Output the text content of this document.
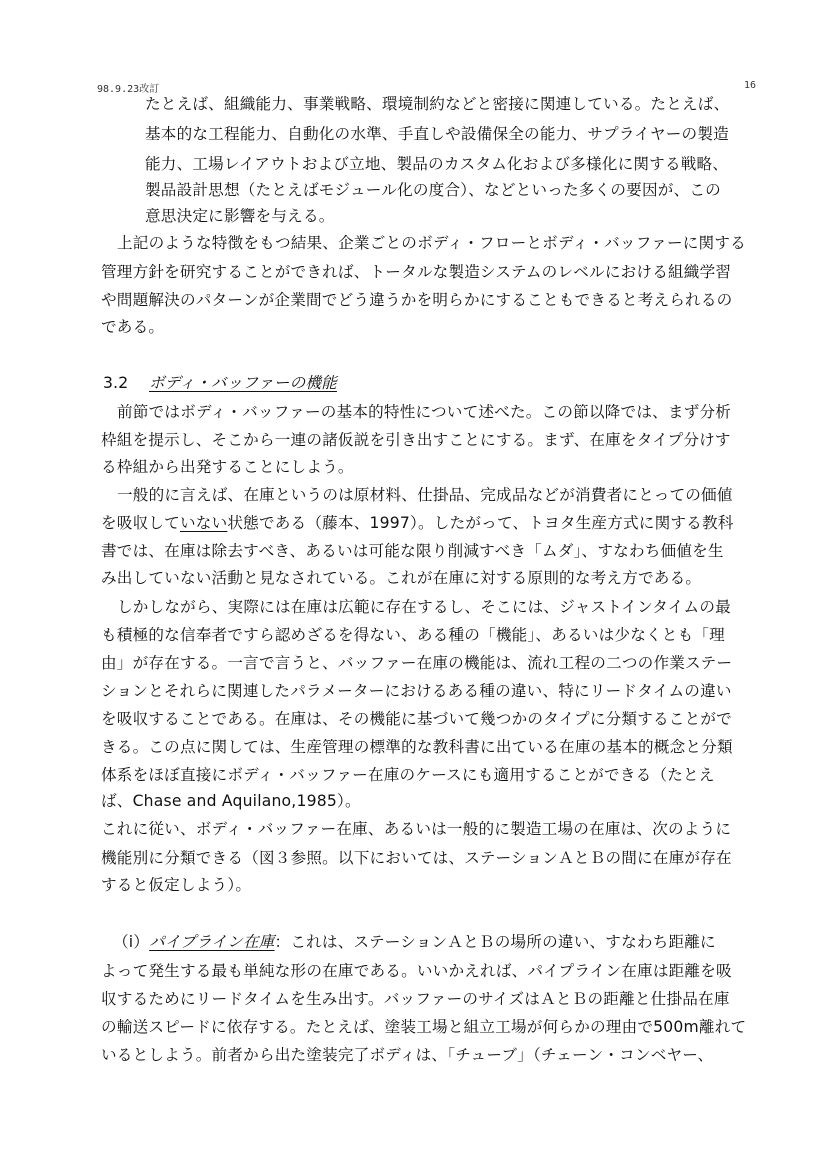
98.9.23改訂	16
たとえば、組織能力、事業戦略、環境制約などと密接に関連している。たとえば、
基本的な工程能力、自動化の水準、手直しや設備保全の能力、サプライヤーの製造
能力、工場レイアウトおよび立地、製品のカスタム化および多様化に関する戦略、
製品設計思想（たとえばモジュール化の度合）、などといった多くの要因が、この
意思決定に影響を与える。
上記のような特徴をもつ結果、企業ごとのボディ・フローとボディ・バッファーに関する
管理方針を研究することができれば、トータルな製造システムのレベルにおける組織学習
や問題解決のパターンが企業間でどう違うかを明らかにすることもできると考えられるの
である。
3.2 ボディ・バッファーの機能
前節ではボディ・バッファーの基本的特性について述べた。この節以降では、まず分析
枠組を提示し、そこから一連の諸仮説を引き出すことにする。まず、在庫をタイプ分けす
る枠組から出発することにしよう。
一般的に言えば、在庫というのは原材料、仕掛品、完成品などが消費者にとっての価値
を吸収していない状態である（藤本、1997）。したがって、トヨタ生産方式に関する教科
書では、在庫は除去すべき、あるいは可能な限り削減すべき「ムダ」、すなわち価値を生
み出していない活動と見なされている。これが在庫に対する原則的な考え方である。
しかしながら、実際には在庫は広範に存在するし、そこには、ジャストインタイムの最
も積極的な信奉者ですら認めざるを得ない、ある種の「機能」、あるいは少なくとも「理
由」が存在する。一言で言うと、バッファー在庫の機能は、流れ工程の二つの作業ステー
ションとそれらに関連したパラメーターにおけるある種の違い、特にリードタイムの違い
を吸収することである。在庫は、その機能に基づいて幾つかのタイプに分類することがで
きる。この点に関しては、生産管理の標準的な教科書に出ている在庫の基本的概念と分類
体系をほぼ直接にボディ・バッファー在庫のケースにも適用することができる（たとえ
ば、Chase and Aquilano,1985）。
これに従い、ボディ・バッファー在庫、あるいは一般的に製造工場の在庫は、次のように
機能別に分類できる（図３参照。以下においては、ステーションＡとＢの間に在庫が存在
すると仮定しよう）。
（ⅰ）パイプライン在庫：これは、ステーションＡとＢの場所の違い、すなわち距離に
よって発生する最も単純な形の在庫である。いいかえれば、パイプライン在庫は距離を吸
収するためにリードタイムを生み出す。バッファーのサイズはＡとＢの距離と仕掛品在庫
の輸送スピードに依存する。たとえば、塗装工場と組立工場が何らかの理由で500m離れて
いるとしよう。前者から出た塗装完了ボディは、「チューブ」（チェーン・コンベヤー、
